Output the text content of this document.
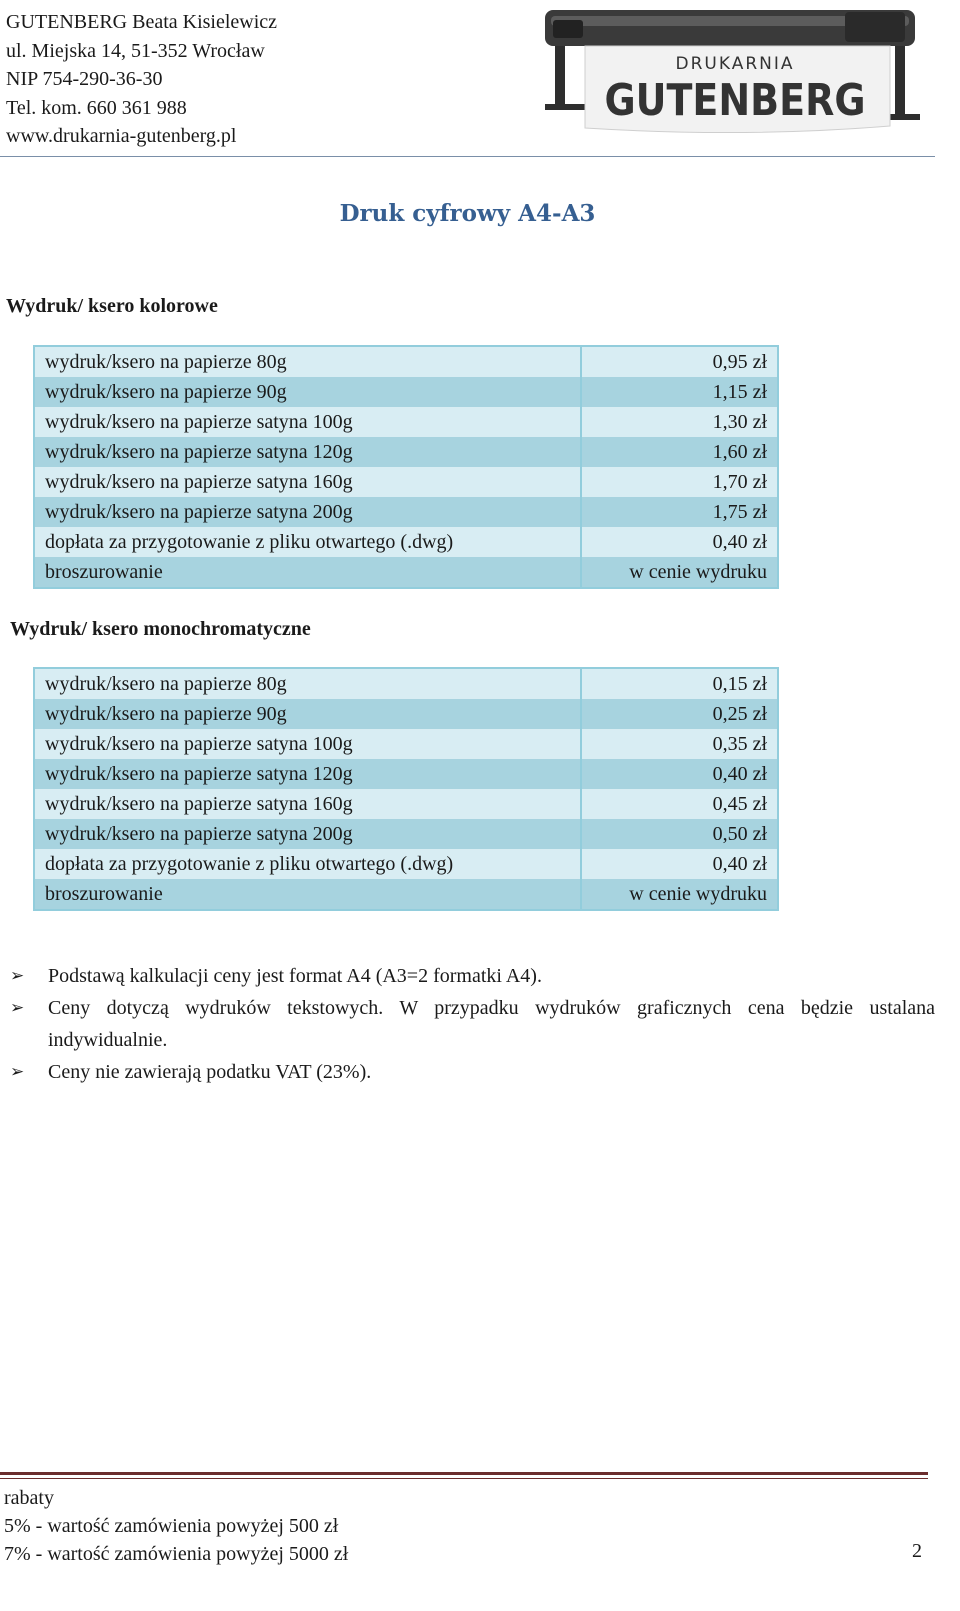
GUTENBERG Beata Kisielewicz
ul. Miejska 14, 51-352 Wrocław
NIP 754-290-36-30
Tel. kom. 660 361 988
www.drukarnia-gutenberg.pl
DRUKARNIA
GUTENBERG
Druk cyfrowy A4-A3
Wydruk/ ksero kolorowe
wydruk/ksero na papierze 80g	0,95 zł
wydruk/ksero na papierze 90g	1,15 zł
wydruk/ksero na papierze satyna 100g	1,30 zł
wydruk/ksero na papierze satyna 120g	1,60 zł
wydruk/ksero na papierze satyna 160g	1,70 zł
wydruk/ksero na papierze satyna 200g	1,75 zł
dopłata za przygotowanie z pliku otwartego (.dwg)	0,40 zł
broszurowanie	w cenie wydruku
Wydruk/ ksero monochromatyczne
wydruk/ksero na papierze 80g	0,15 zł
wydruk/ksero na papierze 90g	0,25 zł
wydruk/ksero na papierze satyna 100g	0,35 zł
wydruk/ksero na papierze satyna 120g	0,40 zł
wydruk/ksero na papierze satyna 160g	0,45 zł
wydruk/ksero na papierze satyna 200g	0,50 zł
dopłata za przygotowanie z pliku otwartego (.dwg)	0,40 zł
broszurowanie	w cenie wydruku
➢ Podstawą kalkulacji ceny jest format A4 (A3=2 formatki A4).
➢ Ceny dotyczą wydruków tekstowych. W przypadku wydruków graficznych cena będzie ustalana indywidualnie.
➢ Ceny nie zawierają podatku VAT (23%).
rabaty
5% - wartość zamówienia powyżej 500 zł
7% - wartość zamówienia powyżej 5000 zł	2
